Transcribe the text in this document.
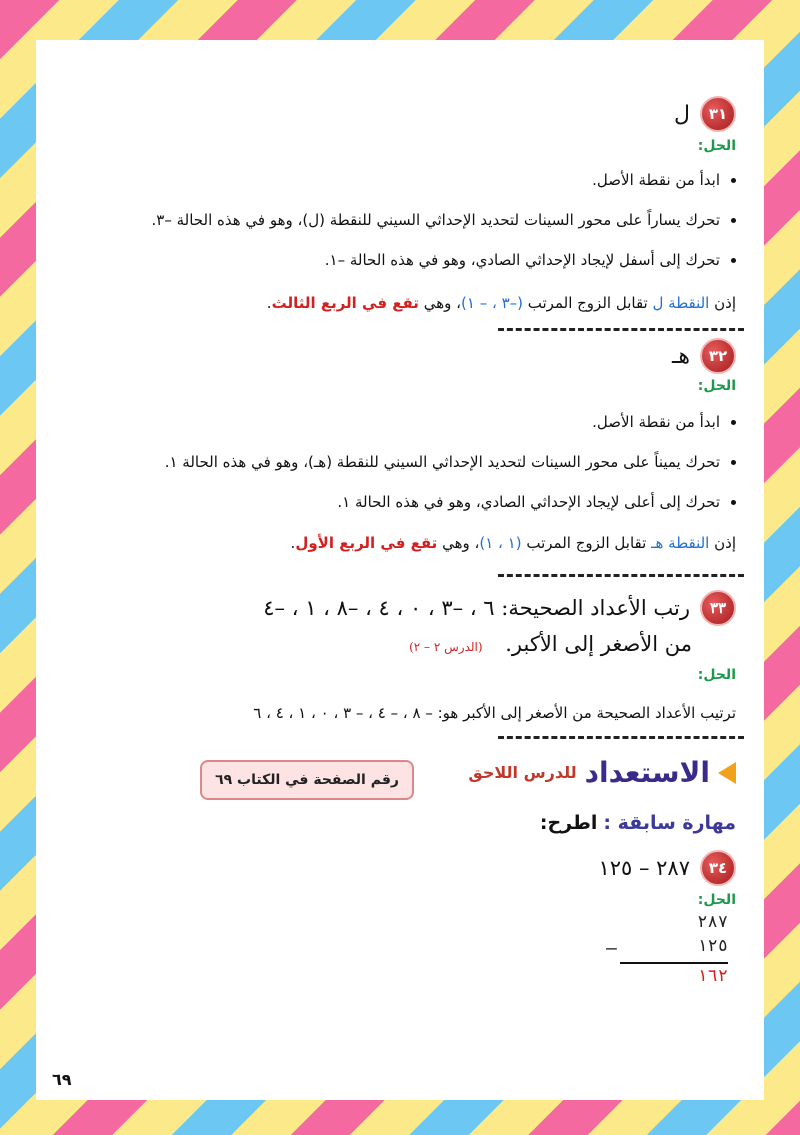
٣١
ل
الحل:
• ابدأ من نقطة الأصل.
• تحرك يساراً على محور السينات لتحديد الإحداثي السيني للنقطة (ل)، وهو في هذه الحالة –٣.
• تحرك إلى أسفل لإيجاد الإحداثي الصادي، وهو في هذه الحالة –١.
إذن النقطة ل تقابل الزوج المرتب (–٣ ، – ١)، وهي تقع في الربع الثالث.
٣٢
هـ
الحل:
• ابدأ من نقطة الأصل.
• تحرك يميناً على محور السينات لتحديد الإحداثي السيني للنقطة (هـ)، وهو في هذه الحالة ١.
• تحرك إلى أعلى لإيجاد الإحداثي الصادي، وهو في هذه الحالة ١.
إذن النقطة هـ تقابل الزوج المرتب (١ ، ١)، وهي تقع في الربع الأول.
٣٣
رتب الأعداد الصحيحة: ٦ ، –٣ ، ٠ ، ٤ ، –٨ ، ١ ، –٤
من الأصغر إلى الأكبر. (الدرس ٢ – ٢)
الحل:
ترتيب الأعداد الصحيحة من الأصغر إلى الأكبر هو: – ٨ ، – ٤ ، – ٣ ، ٠ ، ١ ، ٤ ، ٦
رقم الصفحة في الكتاب ٦٩	الاستعداد
للدرس اللاحق
مهارة سابقة : اطرح:
٣٤
٢٨٧ – ١٢٥
الحل:
٢٨٧
١٢٥
–
١٦٢
٦٩
